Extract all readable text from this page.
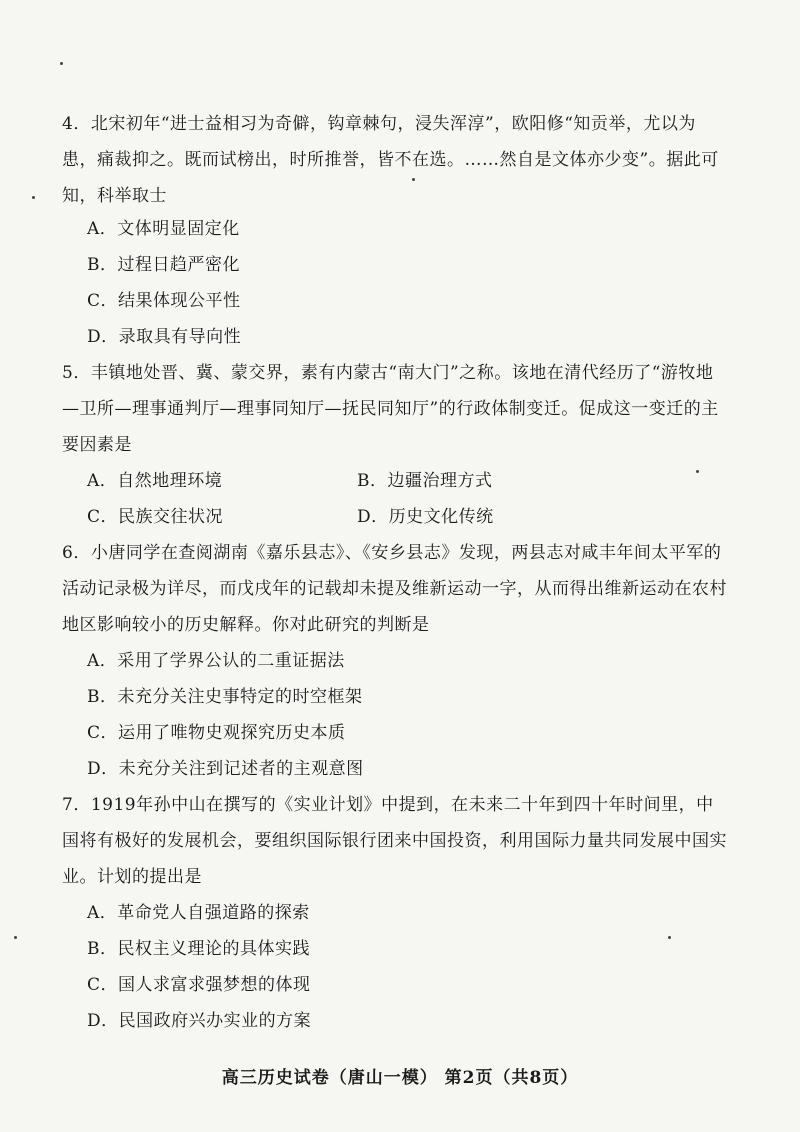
4．北宋初年“进士益相习为奇僻，钩章棘句，浸失浑淳”，欧阳修“知贡举，尤以为患，痛裁抑之。既而试榜出，时所推誉，皆不在选。……然自是文体亦少变”。据此可知，科举取士

A．文体明显固定化
B．过程日趋严密化
C．结果体现公平性
D．录取具有导向性

5．丰镇地处晋、冀、蒙交界，素有内蒙古“南大门”之称。该地在清代经历了“游牧地—卫所—理事通判厅—理事同知厅—抚民同知厅”的行政体制变迁。促成这一变迁的主要因素是

A．自然地理环境	B．边疆治理方式
C．民族交往状况	D．历史文化传统

6．小唐同学在查阅湖南《嘉乐县志》、《安乡县志》发现，两县志对咸丰年间太平军的活动记录极为详尽，而戊戌年的记载却未提及维新运动一字，从而得出维新运动在农村地区影响较小的历史解释。你对此研究的判断是

A．采用了学界公认的二重证据法
B．未充分关注史事特定的时空框架
C．运用了唯物史观探究历史本质
D．未充分关注到记述者的主观意图

7．1919年孙中山在撰写的《实业计划》中提到，在未来二十年到四十年时间里，中国将有极好的发展机会，要组织国际银行团来中国投资，利用国际力量共同发展中国实业。计划的提出是

A．革命党人自强道路的探索
B．民权主义理论的具体实践
C．国人求富求强梦想的体现
D．民国政府兴办实业的方案
高三历史试卷（唐山一模） 第2页（共8页）
